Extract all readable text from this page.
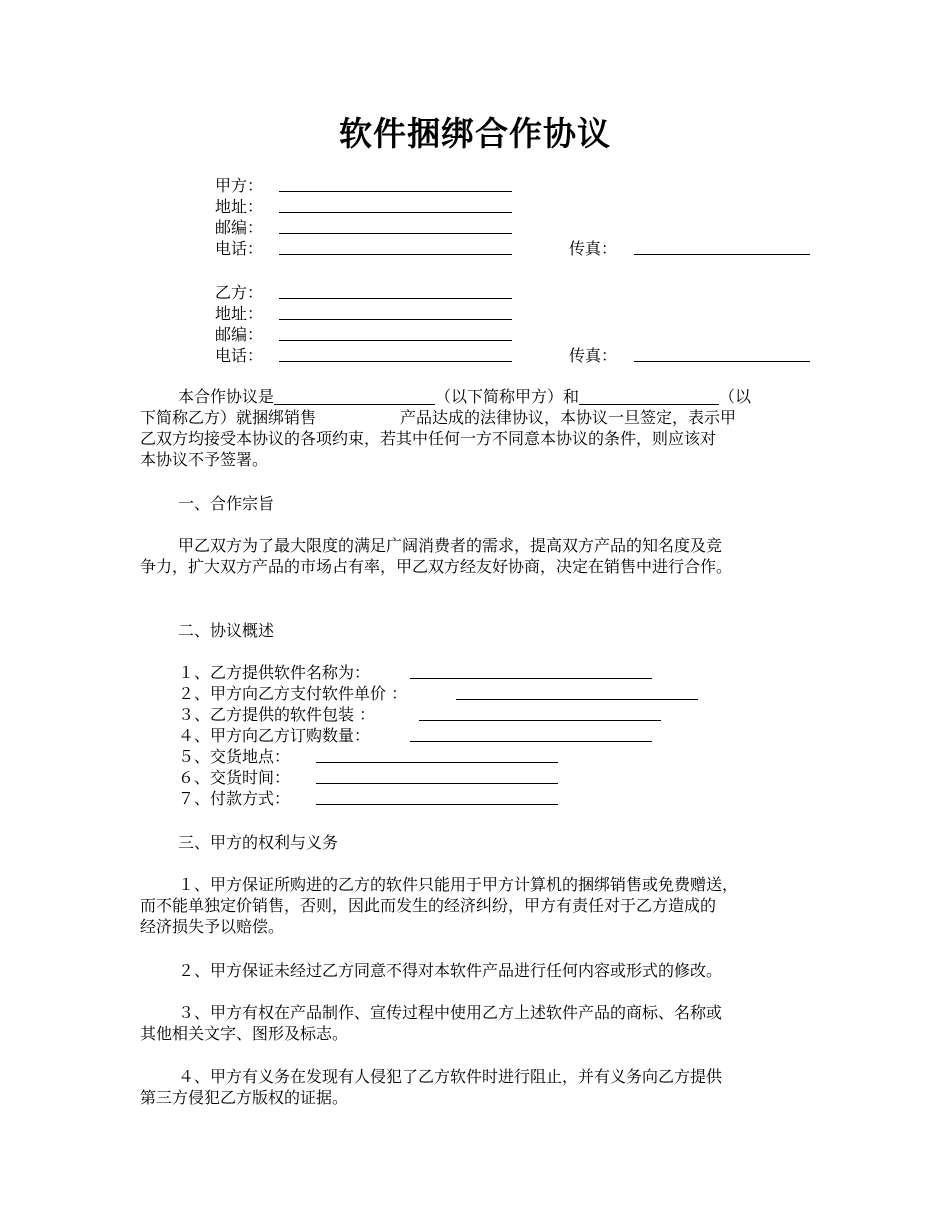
软件捆绑合作协议
甲方：
地址：
邮编：
电话：	传真：
乙方：
地址：
邮编：
电话：	传真：
本合作协议是	（以下简称甲方）和	（以
下简称乙方）就捆绑销售	产品达成的法律协议，本协议一旦签定，表示甲
乙双方均接受本协议的各项约束，若其中任何一方不同意本协议的条件，则应该对
本协议不予签署。
一、合作宗旨
甲乙双方为了最大限度的满足广阔消费者的需求，提高双方产品的知名度及竞
争力，扩大双方产品的市场占有率，甲乙双方经友好协商，决定在销售中进行合作。
二、协议概述
１、乙方提供软件名称为：
２、甲方向乙方支付软件单价 ：
３、乙方提供的软件包装 ：
４、甲方向乙方订购数量：
５、交货地点：
６、交货时间：
７、付款方式：
三、甲方的权利与义务
１、甲方保证所购进的乙方的软件只能用于甲方计算机的捆绑销售或免费赠送，
而不能单独定价销售，否则，因此而发生的经济纠纷，甲方有责任对于乙方造成的
经济损失予以赔偿。
２、甲方保证未经过乙方同意不得对本软件产品进行任何内容或形式的修改。
３、甲方有权在产品制作、宣传过程中使用乙方上述软件产品的商标、名称或
其他相关文字、图形及标志。
４、甲方有义务在发现有人侵犯了乙方软件时进行阻止，并有义务向乙方提供
第三方侵犯乙方版权的证据。
